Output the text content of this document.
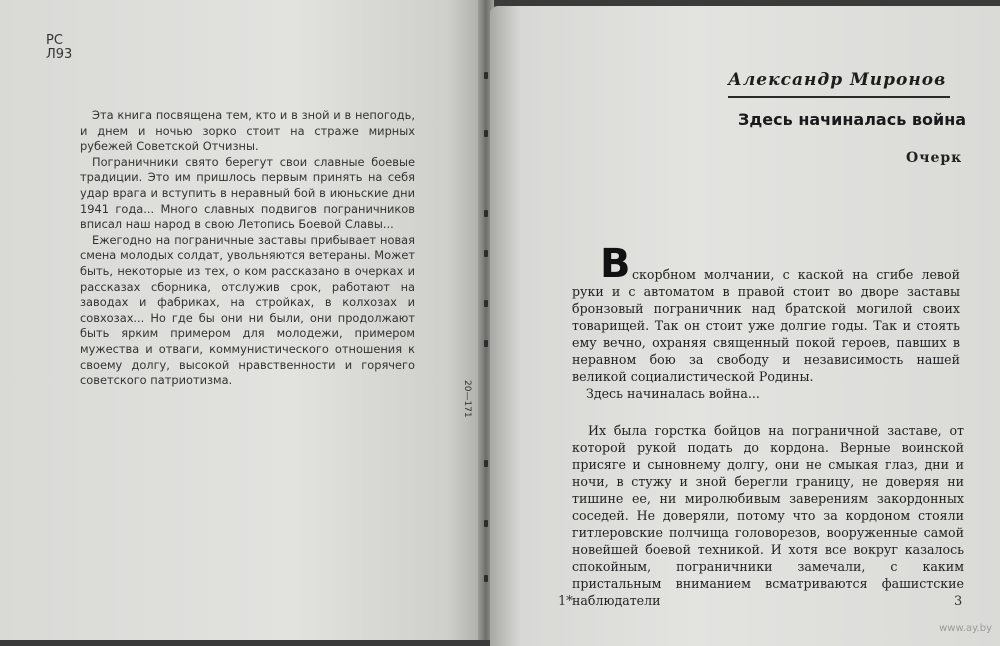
РС
Л93

Эта книга посвящена тем, кто и в зной и в непогодь, и днем и ночью зорко стоит на страже мирных рубежей Советской Отчизны.

Пограничники свято берегут свои славные боевые традиции. Это им пришлось первым принять на себя удар врага и вступить в неравный бой в июньские дни 1941 года... Много славных подвигов пограничников вписал наш народ в свою Летопись Боевой Славы...

Ежегодно на пограничные заставы прибывает новая смена молодых солдат, увольняются ветераны. Может быть, некоторые из тех, о ком рассказано в очерках и рассказах сборника, отслужив срок, работают на заводах и фабриках, на стройках, в колхозах и совхозах... Но где бы они ни были, они продолжают быть ярким примером для молодежи, примером мужества и отваги, коммунистического отношения к своему долгу, высокой нравственности и горячего советского патриотизма.	20—171
Александр Миронов
Здесь начиналась война
Очерк
В скорбном молчании, с каской на сгибе левой руки и с автоматом в правой стоит во дворе заставы бронзовый пограничник над братской могилой своих товарищей. Так он стоит уже долгие годы. Так и стоять ему вечно, охраняя священный покой героев, павших в неравном бою за свободу и независимость нашей великой социалистической Родины.

Здесь начиналась война...

Их была горстка бойцов на пограничной заставе, от которой рукой подать до кордона. Верные воинской присяге и сыновнему долгу, они не смыкая глаз, дни и ночи, в стужу и зной берегли границу, не доверяя ни тишине ее, ни миролюбивым заверениям закордонных соседей. Не доверяли, потому что за кордоном стояли гитлеровские полчища головорезов, вооруженные самой новейшей боевой техникой. И хотя все вокруг казалось спокойным, пограничники замечали, с каким пристальным вниманием всматриваются фашистские наблюдатели

1*	3
www.ay.by
